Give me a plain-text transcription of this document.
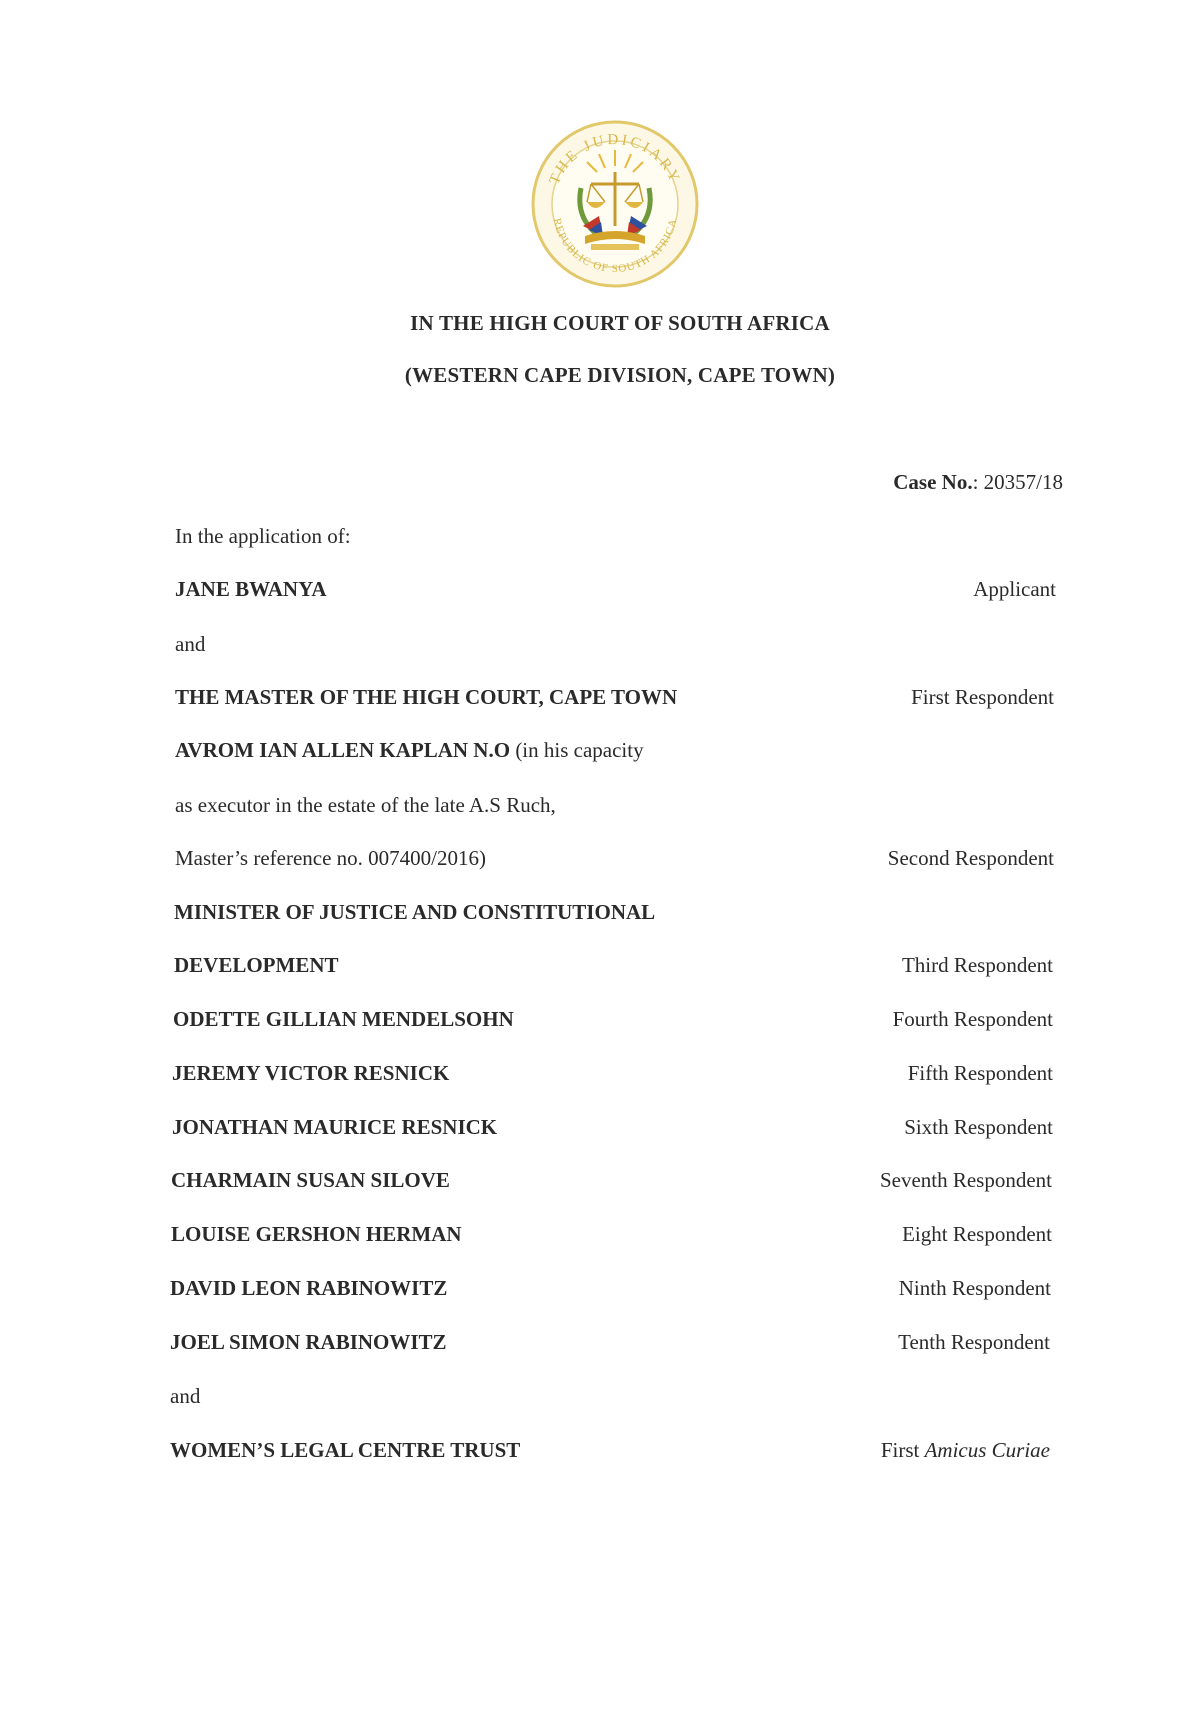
THE JUDICIARY
REPUBLIC OF SOUTH AFRICA
IN THE HIGH COURT OF SOUTH AFRICA
(WESTERN CAPE DIVISION, CAPE TOWN)
Case No.: 20357/18
In the application of:
JANE BWANYA	Applicant
and
THE MASTER OF THE HIGH COURT, CAPE TOWN	First Respondent
AVROM IAN ALLEN KAPLAN N.O (in his capacity
as executor in the estate of the late A.S Ruch,
Master’s reference no. 007400/2016)	Second Respondent
MINISTER OF JUSTICE AND CONSTITUTIONAL
DEVELOPMENT	Third Respondent
ODETTE GILLIAN MENDELSOHN	Fourth Respondent
JEREMY VICTOR RESNICK	Fifth Respondent
JONATHAN MAURICE RESNICK	Sixth Respondent
CHARMAIN SUSAN SILOVE	Seventh Respondent
LOUISE GERSHON HERMAN	Eight Respondent
DAVID LEON RABINOWITZ	Ninth Respondent
JOEL SIMON RABINOWITZ	Tenth Respondent
and
WOMEN’S LEGAL CENTRE TRUST	First Amicus Curiae
